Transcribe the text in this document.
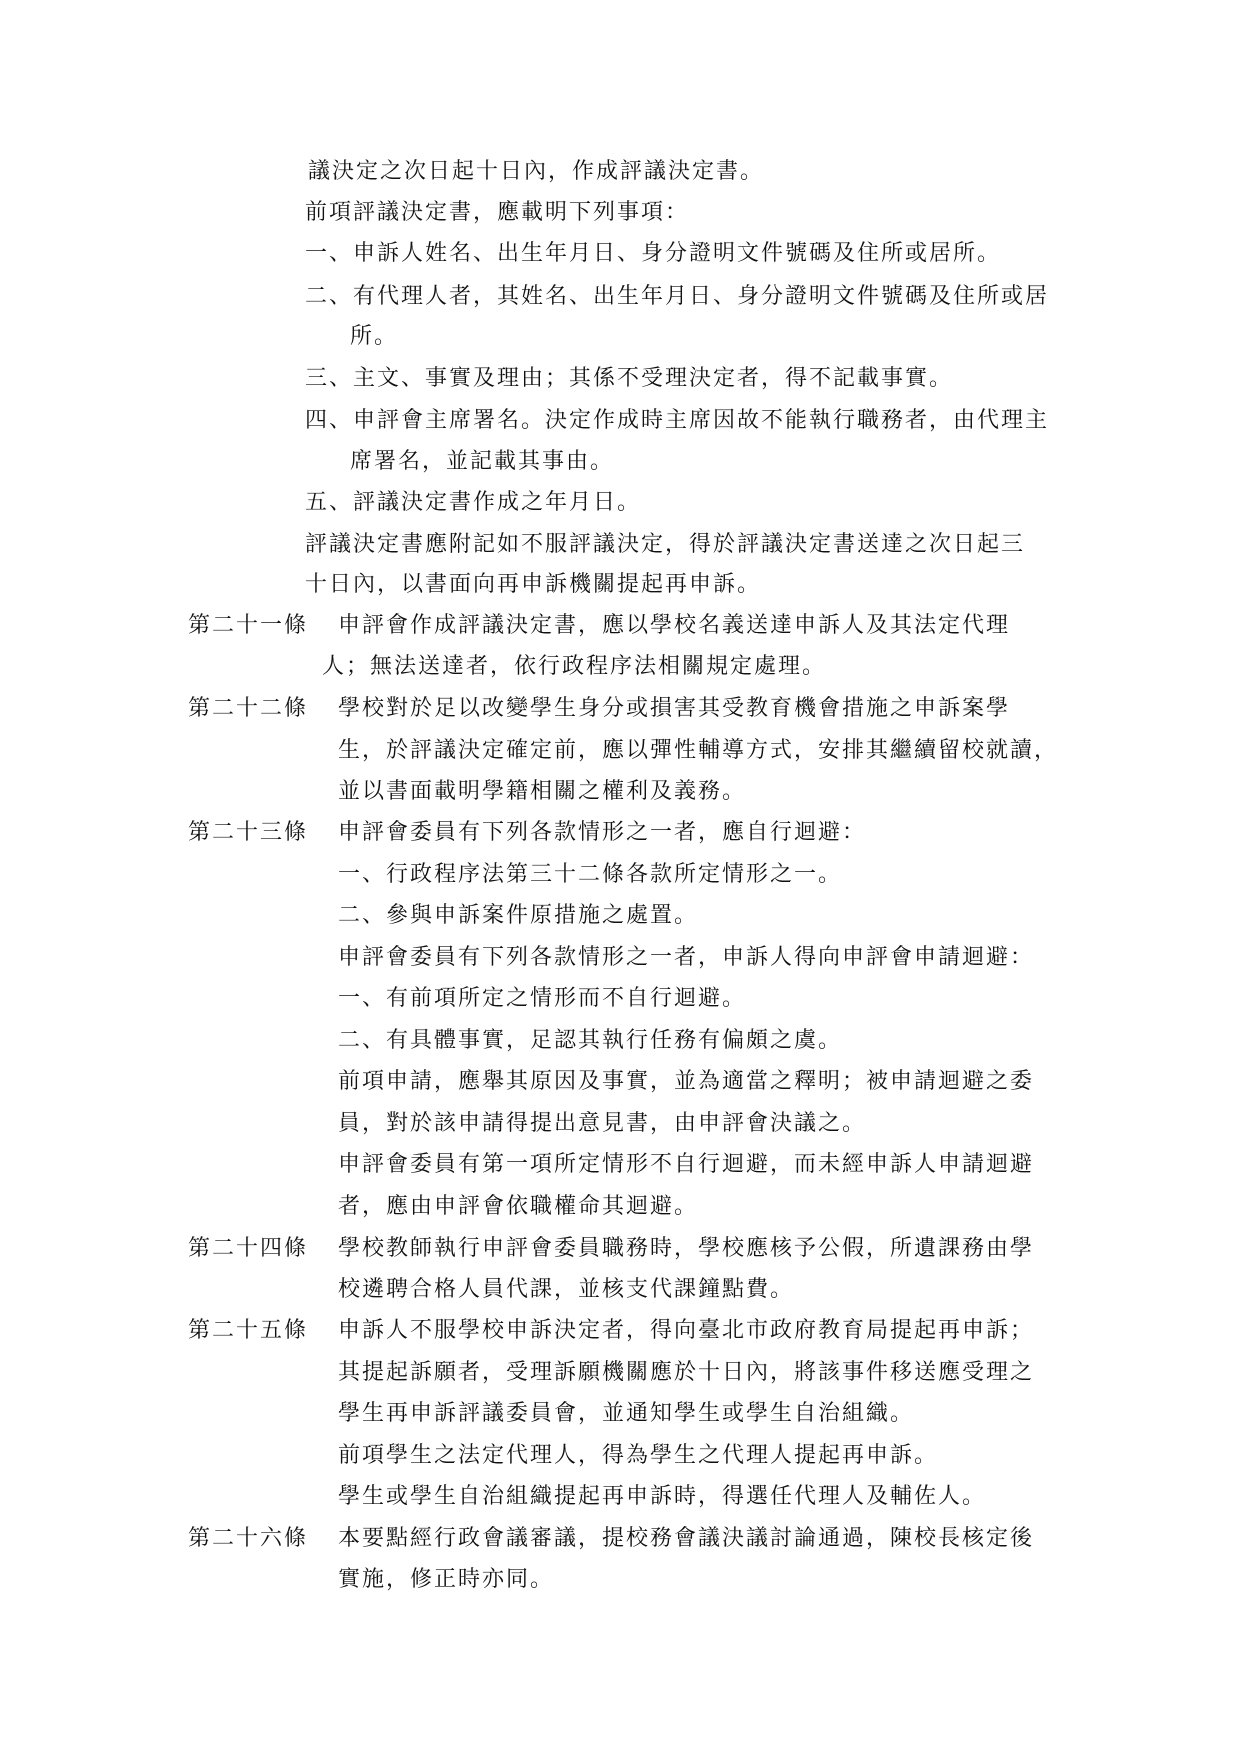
議決定之次日起十日內，作成評議決定書。
前項評議決定書，應載明下列事項：
一、申訴人姓名、出生年月日、身分證明文件號碼及住所或居所。
二、有代理人者，其姓名、出生年月日、身分證明文件號碼及住所或居
所。
三、主文、事實及理由；其係不受理決定者，得不記載事實。
四、申評會主席署名。決定作成時主席因故不能執行職務者，由代理主
席署名，並記載其事由。
五、評議決定書作成之年月日。
評議決定書應附記如不服評議決定，得於評議決定書送達之次日起三
十日內，以書面向再申訴機關提起再申訴。
第二十一條 申評會作成評議決定書，應以學校名義送達申訴人及其法定代理
人；無法送達者，依行政程序法相關規定處理。
第二十二條 學校對於足以改變學生身分或損害其受教育機會措施之申訴案學
生，於評議決定確定前，應以彈性輔導方式，安排其繼續留校就讀，
並以書面載明學籍相關之權利及義務。
第二十三條 申評會委員有下列各款情形之一者，應自行迴避：
一、行政程序法第三十二條各款所定情形之一。
二、參與申訴案件原措施之處置。
申評會委員有下列各款情形之一者，申訴人得向申評會申請迴避：
一、有前項所定之情形而不自行迴避。
二、有具體事實，足認其執行任務有偏頗之虞。
前項申請，應舉其原因及事實，並為適當之釋明；被申請迴避之委
員，對於該申請得提出意見書，由申評會決議之。
申評會委員有第一項所定情形不自行迴避，而未經申訴人申請迴避
者，應由申評會依職權命其迴避。
第二十四條 學校教師執行申評會委員職務時，學校應核予公假，所遺課務由學
校遴聘合格人員代課，並核支代課鐘點費。
第二十五條 申訴人不服學校申訴決定者，得向臺北市政府教育局提起再申訴；
其提起訴願者，受理訴願機關應於十日內，將該事件移送應受理之
學生再申訴評議委員會，並通知學生或學生自治組織。
前項學生之法定代理人，得為學生之代理人提起再申訴。
學生或學生自治組織提起再申訴時，得選任代理人及輔佐人。
第二十六條 本要點經行政會議審議，提校務會議決議討論通過，陳校長核定後
實施，修正時亦同。
